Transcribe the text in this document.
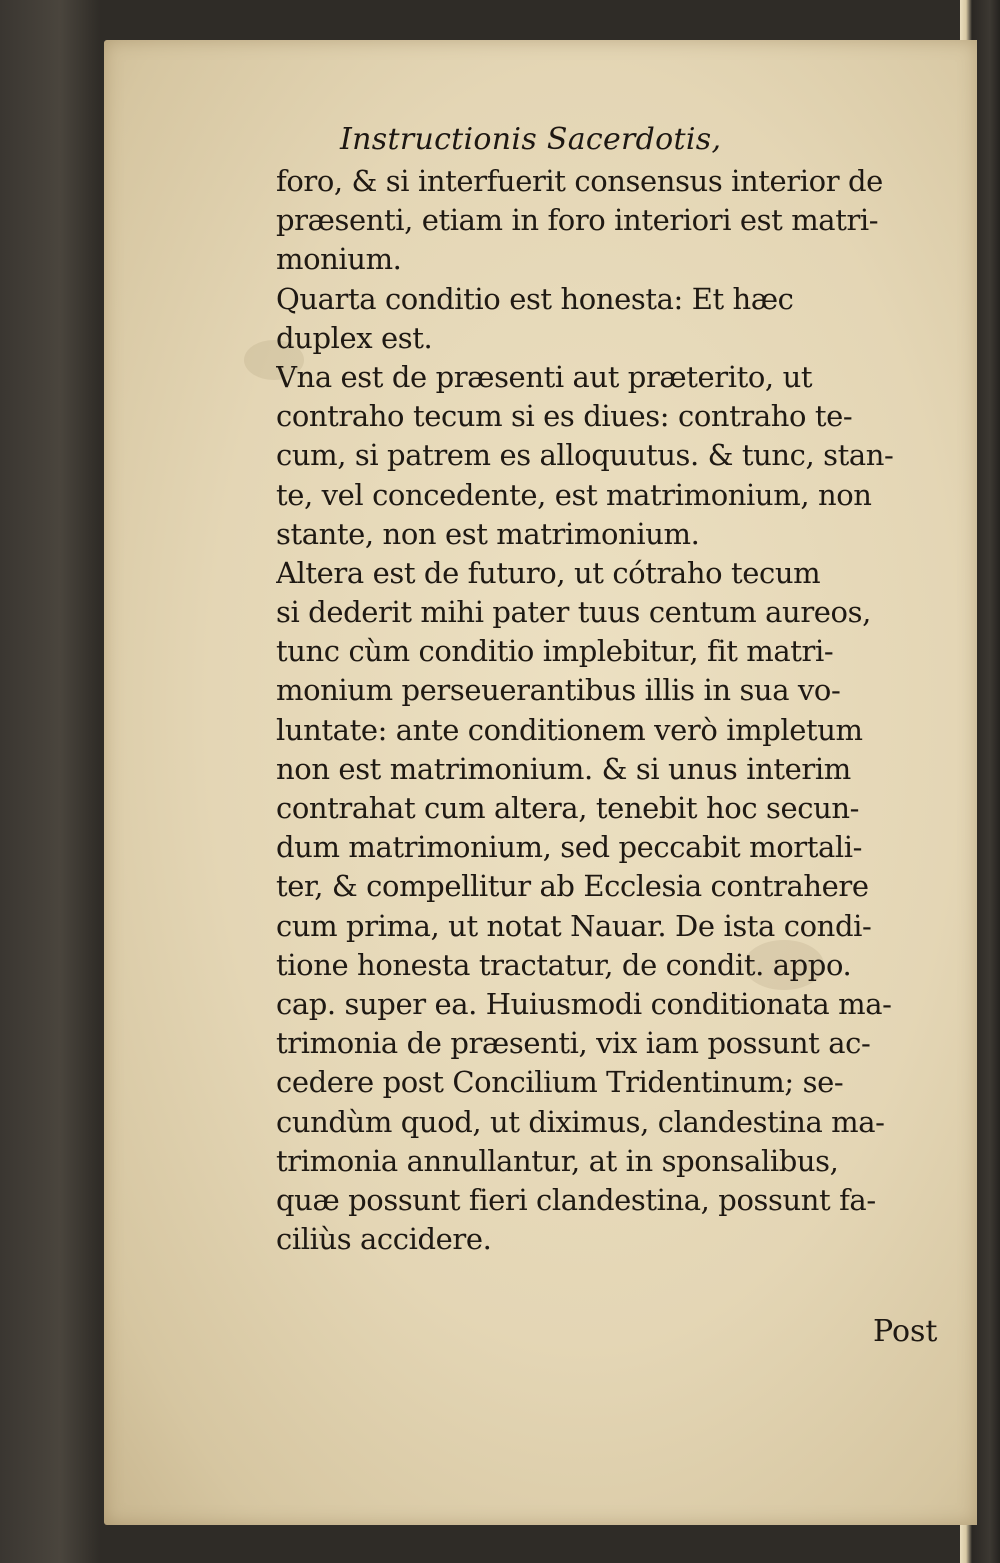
Instructionis Sacerdotis,
foro, & si interfuerit consensus interior de
præsenti, etiam in foro interiori est matri-
monium.
Quarta conditio est honesta: Et hæc
duplex est.
Vna est de præsenti aut præterito, ut
contraho tecum si es diues: contraho te-
cum, si patrem es alloquutus. & tunc, stan-
te, vel concedente, est matrimonium, non
stante, non est matrimonium.
Altera est de futuro, ut cótraho tecum
si dederit mihi pater tuus centum aureos,
tunc cùm conditio implebitur, fit matri-
monium perseuerantibus illis in sua vo-
luntate: ante conditionem verò impletum
non est matrimonium. & si unus interim
contrahat cum altera, tenebit hoc secun-
dum matrimonium, sed peccabit mortali-
ter, & compellitur ab Ecclesia contrahere
cum prima, ut notat Nauar. De ista condi-
tione honesta tractatur, de condit. appo.
cap. super ea. Huiusmodi conditionata ma-
trimonia de præsenti, vix iam possunt ac-
cedere post Concilium Tridentinum; se-
cundùm quod, ut diximus, clandestina ma-
trimonia annullantur, at in sponsalibus,
quæ possunt fieri clandestina, possunt fa-
ciliùs accidere.
Post
